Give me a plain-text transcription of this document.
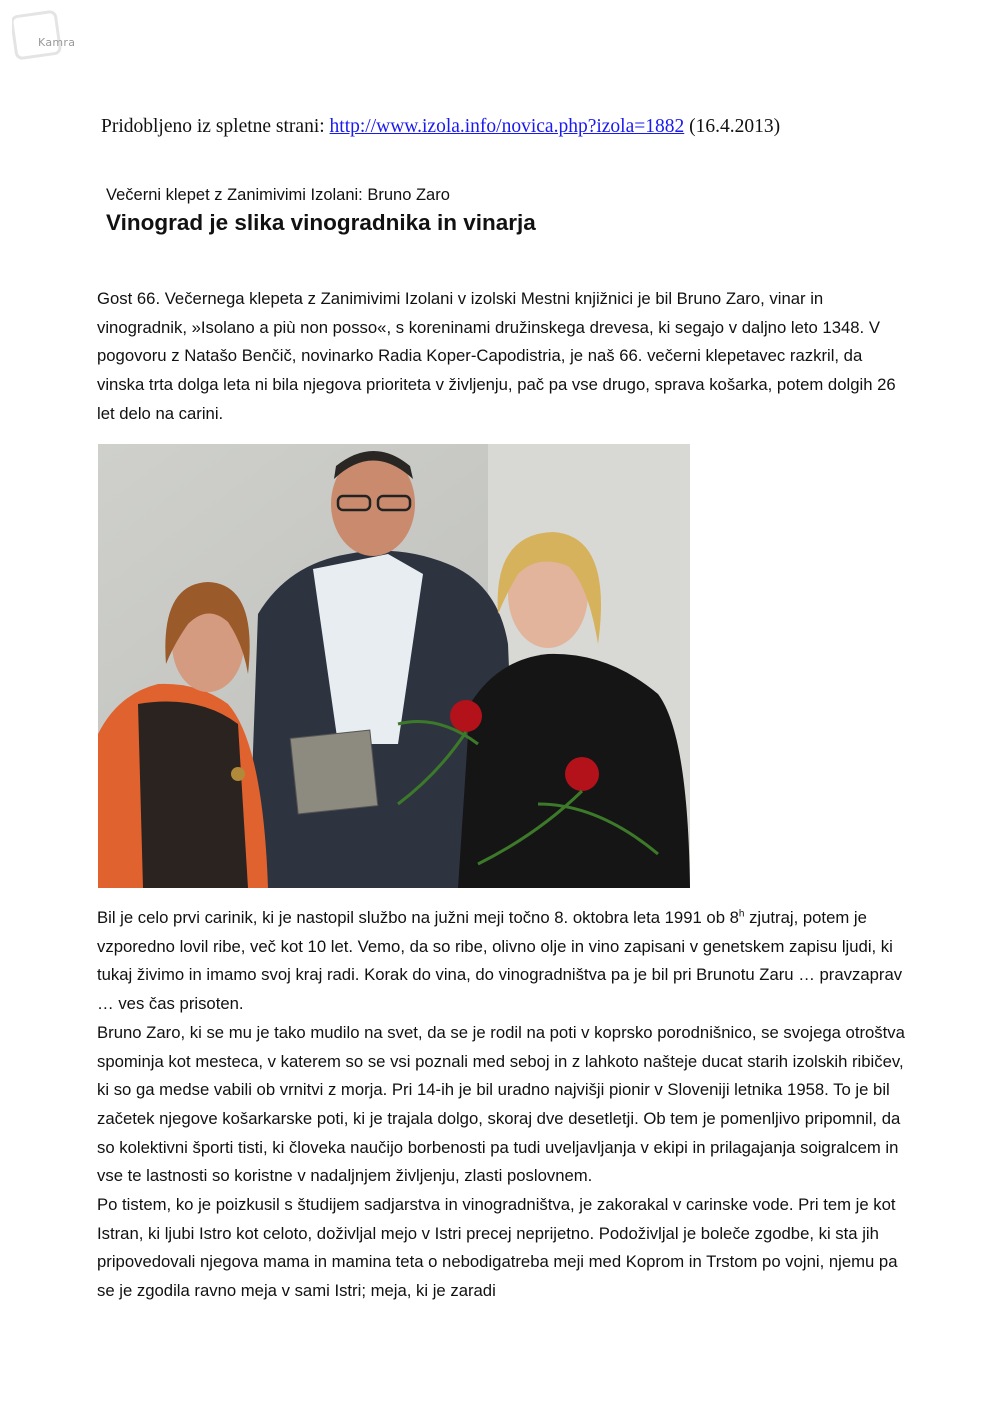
Kamra
Pridobljeno iz spletne strani: http://www.izola.info/novica.php?izola=1882 (16.4.2013)
Večerni klepet z Zanimivimi Izolani: Bruno Zaro
Vinograd je slika vinogradnika in vinarja

Gost 66. Večernega klepeta z Zanimivimi Izolani v izolski Mestni knjižnici je bil Bruno Zaro, vinar in vinogradnik, »Isolano a più non posso«, s koreninami družinskega drevesa, ki segajo v daljno leto 1348. V pogovoru z Natašo Benčič, novinarko Radia Koper-Capodistria, je naš 66. večerni klepetavec razkril, da vinska trta dolga leta ni bila njegova prioriteta v življenju, pač pa vse drugo, sprava košarka, potem dolgih 26 let delo na carini.

Bil je celo prvi carinik, ki je nastopil službo na južni meji točno 8. oktobra leta 1991 ob 8$^h$ zjutraj, potem je vzporedno lovil ribe, več kot 10 let. Vemo, da so ribe, olivno olje in vino zapisani v genetskem zapisu ljudi, ki tukaj živimo in imamo svoj kraj radi. Korak do vina, do vinogradništva pa je bil pri Brunotu Zaru … pravzaprav … ves čas prisoten.
Bruno Zaro, ki se mu je tako mudilo na svet, da se je rodil na poti v koprsko porodnišnico, se svojega otroštva spominja kot mesteca, v katerem so se vsi poznali med seboj in z lahkoto našteje ducat starih izolskih ribičev, ki so ga medse vabili ob vrnitvi z morja. Pri 14-ih je bil uradno najvišji pionir v Sloveniji letnika 1958. To je bil začetek njegove košarkarske poti, ki je trajala dolgo, skoraj dve desetletji. Ob tem je pomenljivo pripomnil, da so kolektivni športi tisti, ki človeka naučijo borbenosti pa tudi uveljavljanja v ekipi in prilagajanja soigralcem in vse te lastnosti so koristne v nadaljnjem življenju, zlasti poslovnem.
Po tistem, ko je poizkusil s študijem sadjarstva in vinogradništva, je zakorakal v carinske vode. Pri tem je kot Istran, ki ljubi Istro kot celoto, doživljal mejo v Istri precej neprijetno. Podoživljal je boleče zgodbe, ki sta jih pripovedovali njegova mama in mamina teta o nebodigatreba meji med Koprom in Trstom po vojni, njemu pa se je zgodila ravno meja v sami Istri; meja, ki je zaradi
